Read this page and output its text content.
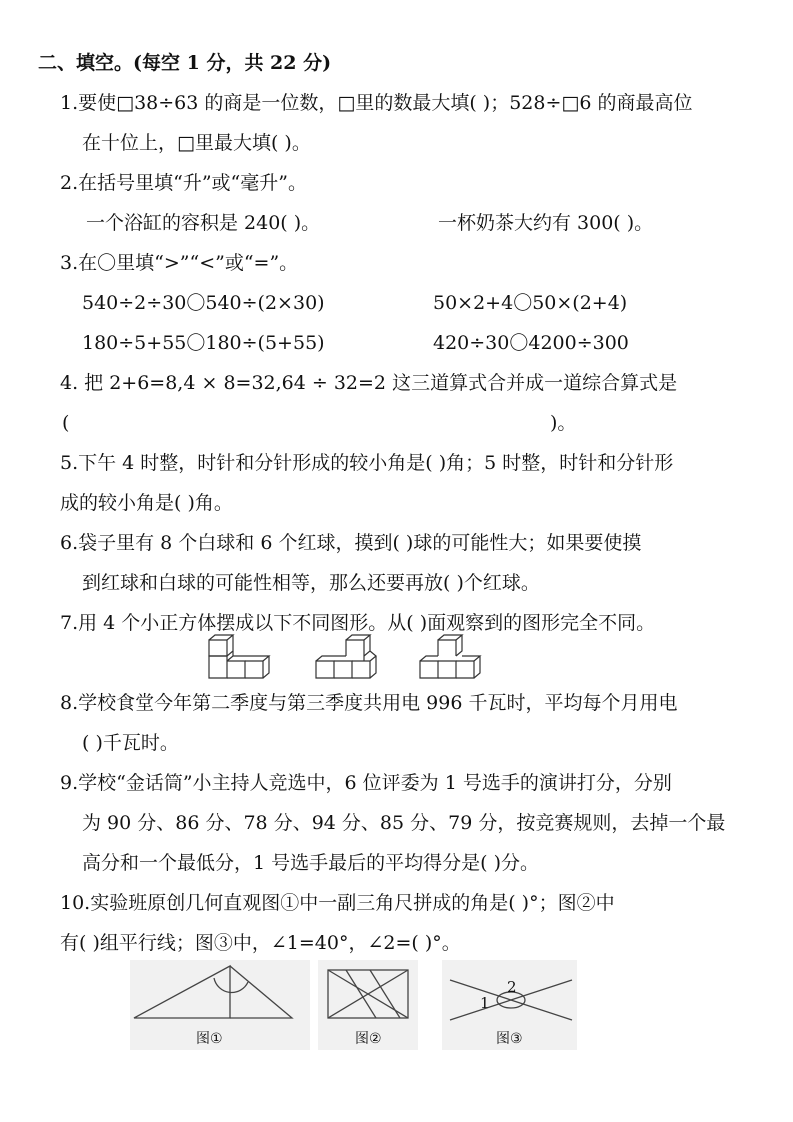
二、填空。(每空 1 分，共 22 分)
1.要使□38÷63 的商是一位数，□里的数最大填( )；528÷□6 的商最高位
在十位上，□里最大填( )。
2.在括号里填“升”或“毫升”。
一个浴缸的容积是 240( )。	一杯奶茶大约有 300( )。
3.在〇里填“>”“<”或“=”。
540÷2÷30〇540÷(2×30)	50×2+4〇50×(2+4)
180÷5+55〇180÷(5+55)	420÷30〇4200÷300
4. 把 2+6=8,4 × 8=32,64 ÷ 32=2 这三道算式合并成一道综合算式是
(	)。
5.下午 4 时整，时针和分针形成的较小角是( )角；5 时整，时针和分针形
成的较小角是( )角。
6.袋子里有 8 个白球和 6 个红球，摸到( )球的可能性大；如果要使摸
到红球和白球的可能性相等，那么还要再放( )个红球。
7.用 4 个小正方体摆成以下不同图形。从( )面观察到的图形完全不同。
8.学校食堂今年第二季度与第三季度共用电 996 千瓦时，平均每个月用电
( )千瓦时。
9.学校“金话筒”小主持人竞选中，6 位评委为 1 号选手的演讲打分，分别
为 90 分、86 分、78 分、94 分、85 分、79 分，按竞赛规则，去掉一个最
高分和一个最低分，1 号选手最后的平均得分是( )分。
10.实验班原创几何直观图①中一副三角尺拼成的角是( )°；图②中
有( )组平行线；图③中，∠1=40°，∠2=( )°。
图①	图②
1
2
图③
